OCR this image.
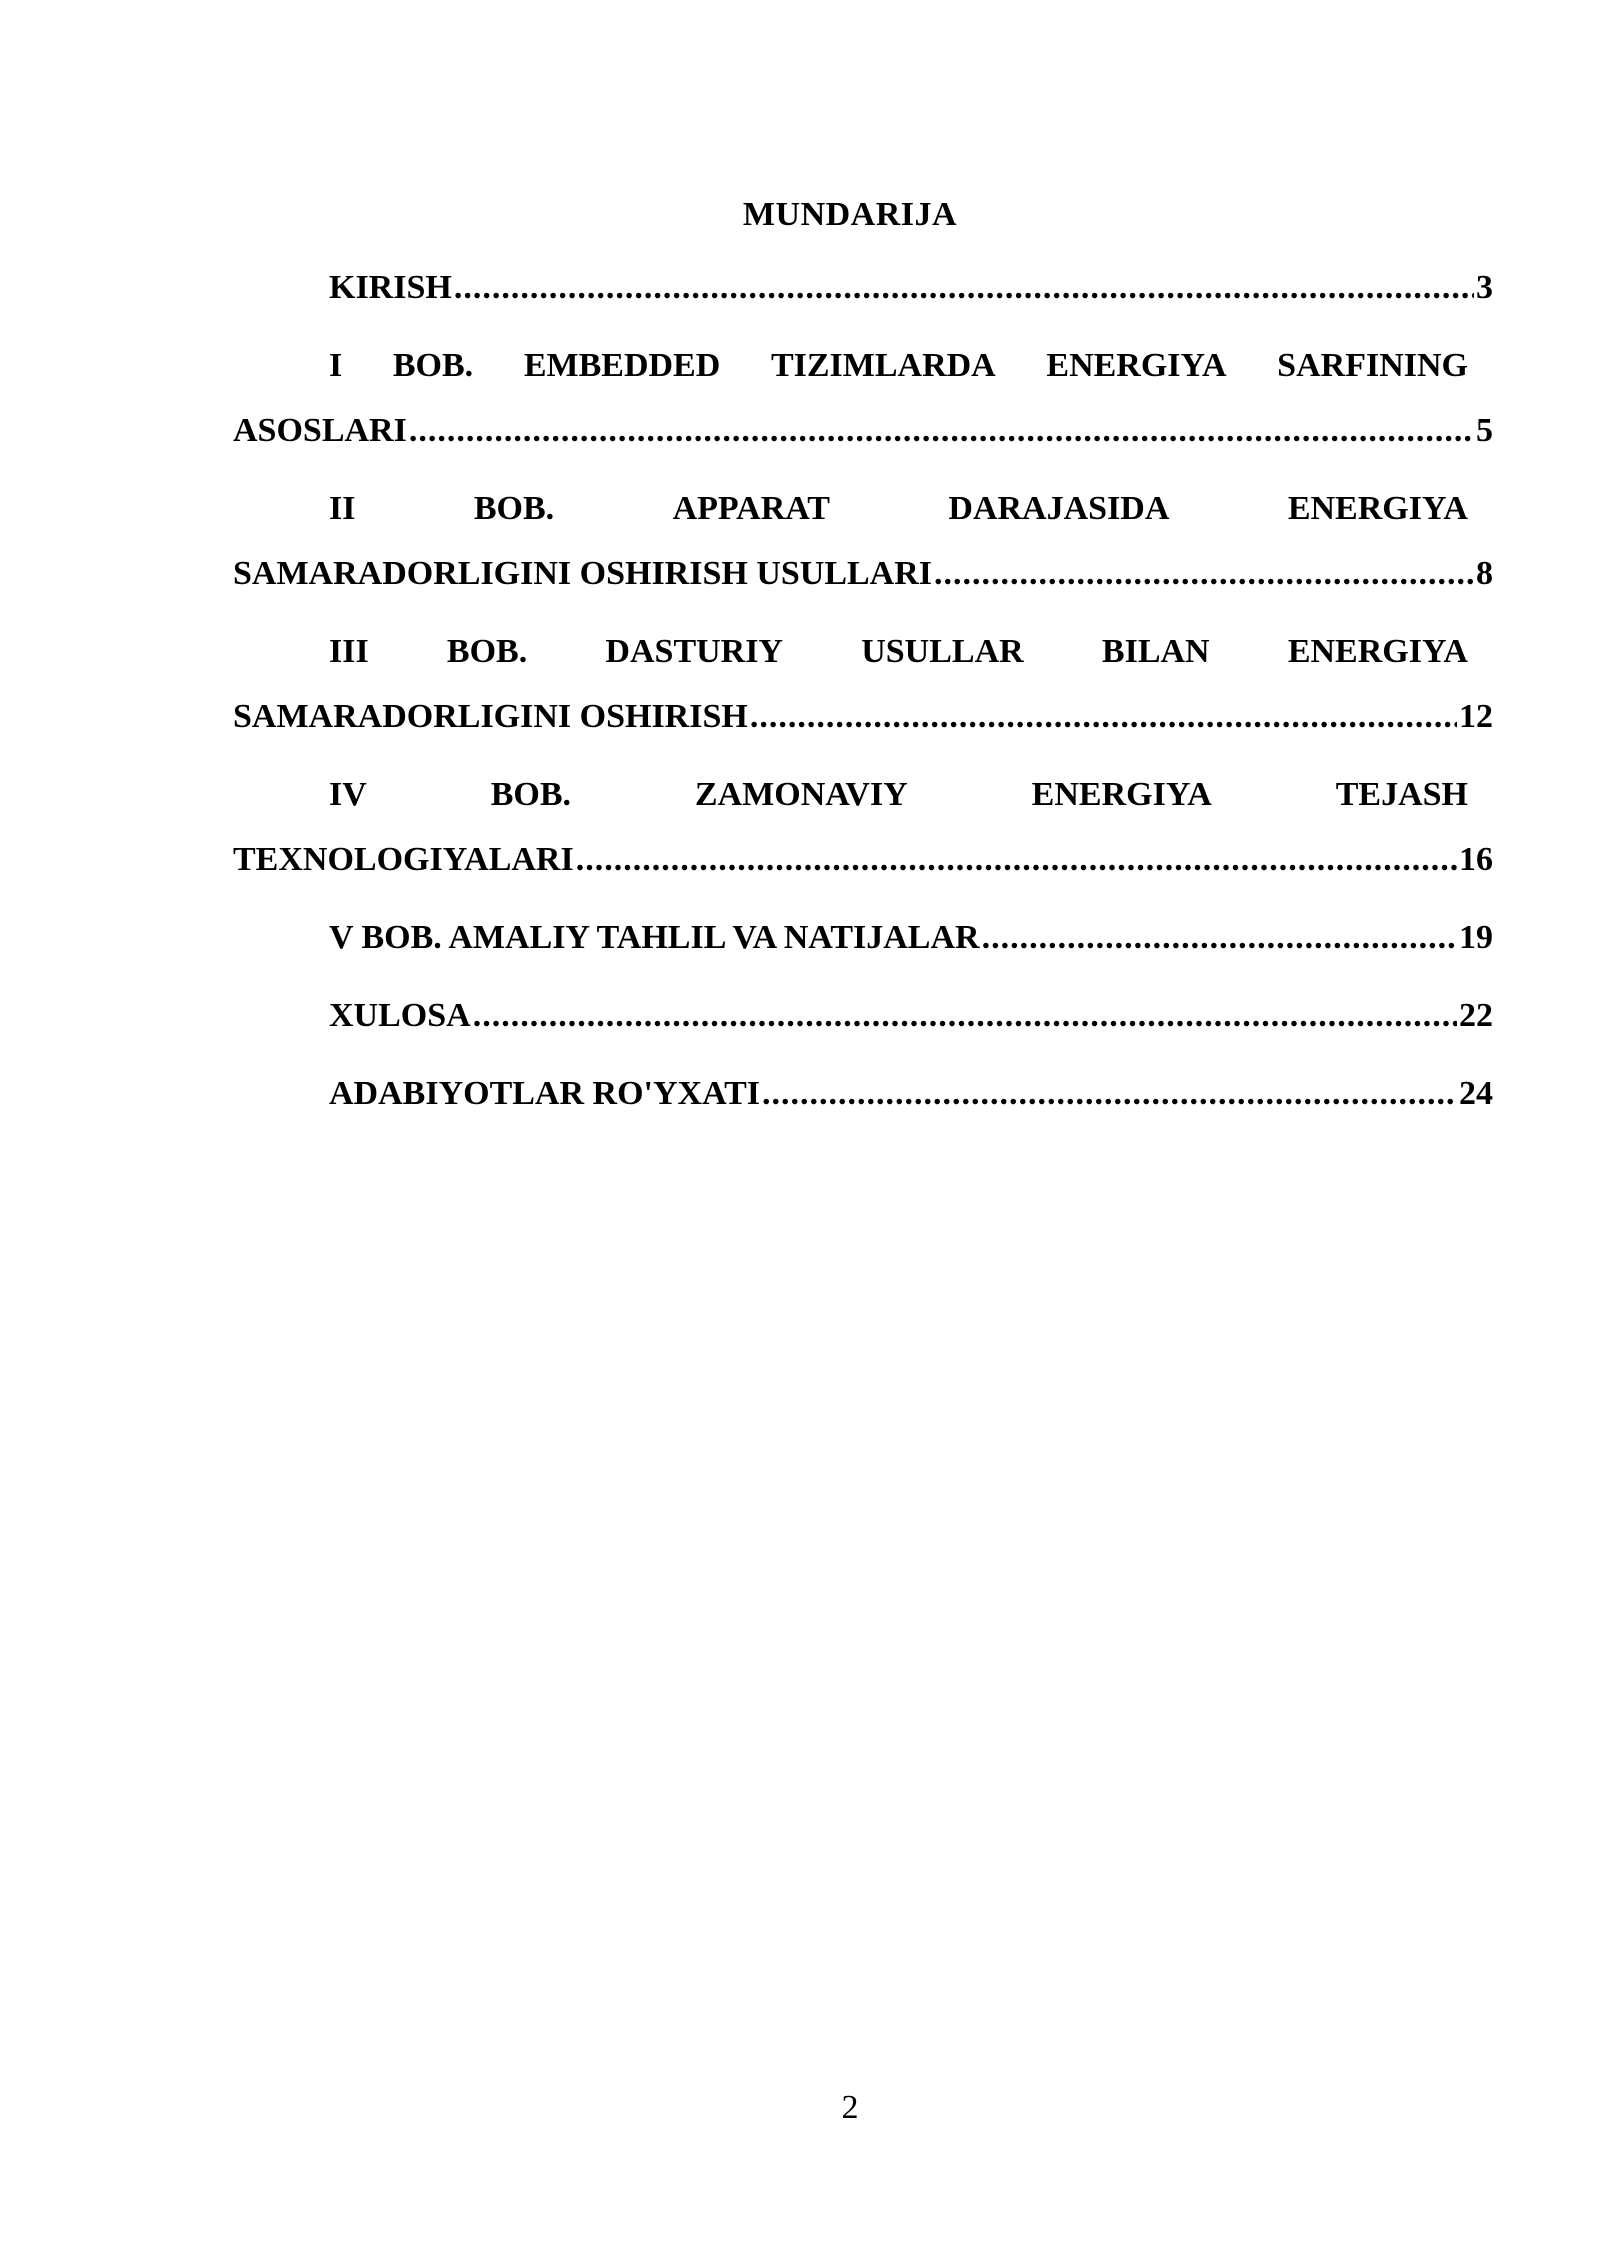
MUNDARIJA
KIRISH .....	3
I BOB. EMBEDDED TIZIMLARDA ENERGIYA SARFINING
ASOSLARI .....	5
II	BOB.	APPARAT	DARAJASIDA	ENERGIYA
SAMARADORLIGINI OSHIRISH USULLARI .....	8
III BOB. DASTURIY USULLAR BILAN ENERGIYA
SAMARADORLIGINI OSHIRISH .....	12
IV	BOB.	ZAMONAVIY	ENERGIYA	TEJASH
TEXNOLOGIYALARI .....	16
V BOB. AMALIY TAHLIL VA NATIJALAR .....	19
XULOSA .....	22
ADABIYOTLAR RO'YXATI .....	24
2
